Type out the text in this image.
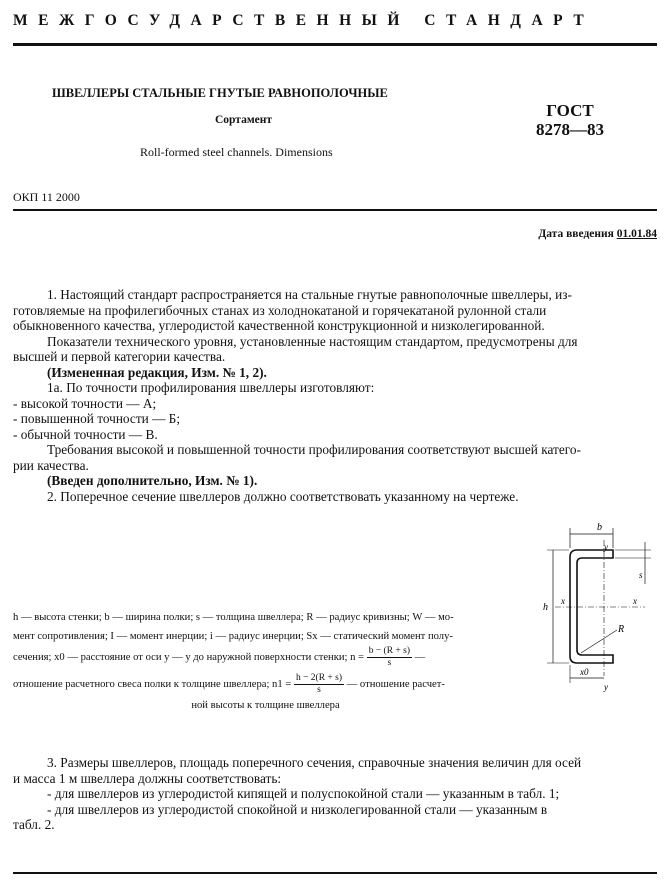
МЕЖГОСУДАРСТВЕННЫЙ СТАНДАРТ
ШВЕЛЛЕРЫ СТАЛЬНЫЕ ГНУТЫЕ РАВНОПОЛОЧНЫЕ
Сортамент
Roll-formed steel channels. Dimensions
ГОСТ
8278—83
ОКП 11 2000
Дата введения 01.01.84
1. Настоящий стандарт распространяется на стальные гнутые равнополочные швеллеры, из-
готовляемые на профилегибочных станах из холоднокатаной и горячекатаной рулонной стали
обыкновенного качества, углеродистой качественной конструкционной и низколегированной.
Показатели технического уровня, установленные настоящим стандартом, предусмотрены для
высшей и первой категории качества.
(Измененная редакция, Изм. № 1, 2).
1а. По точности профилирования швеллеры изготовляют:
- высокой точности — А;
- повышенной точности — Б;
- обычной точности — В.
Требования высокой и повышенной точности профилирования соответствуют высшей катего-
рии качества.
(Введен дополнительно, Изм. № 1).
2. Поперечное сечение швеллеров должно соответствовать указанному на чертеже.
h — высота стенки; b — ширина полки; s — толщина швеллера; R — радиус кривизны; W — мо-
мент сопротивления; I — момент инерции; i — радиус инерции; Sx — статический момент полу-
сечения; x0 — расстояние от оси y — y до наружной поверхности стенки; $n = \frac{b - (R + s)}{s}$ —
отношение расчетного свеса полки к толщине швеллера; $n1 = \frac{h - 2(R + s)}{s}$ — отношение расчет-
ной высоты к толщине швеллера
b
y
y
h
s
x	x
R
x0
3. Размеры швеллеров, площадь поперечного сечения, справочные значения величин для осей
и масса 1 м швеллера должны соответствовать:
- для швеллеров из углеродистой кипящей и полуспокойной стали — указанным в табл. 1;
- для швеллеров из углеродистой спокойной и низколегированной стали — указанным в
табл. 2.
